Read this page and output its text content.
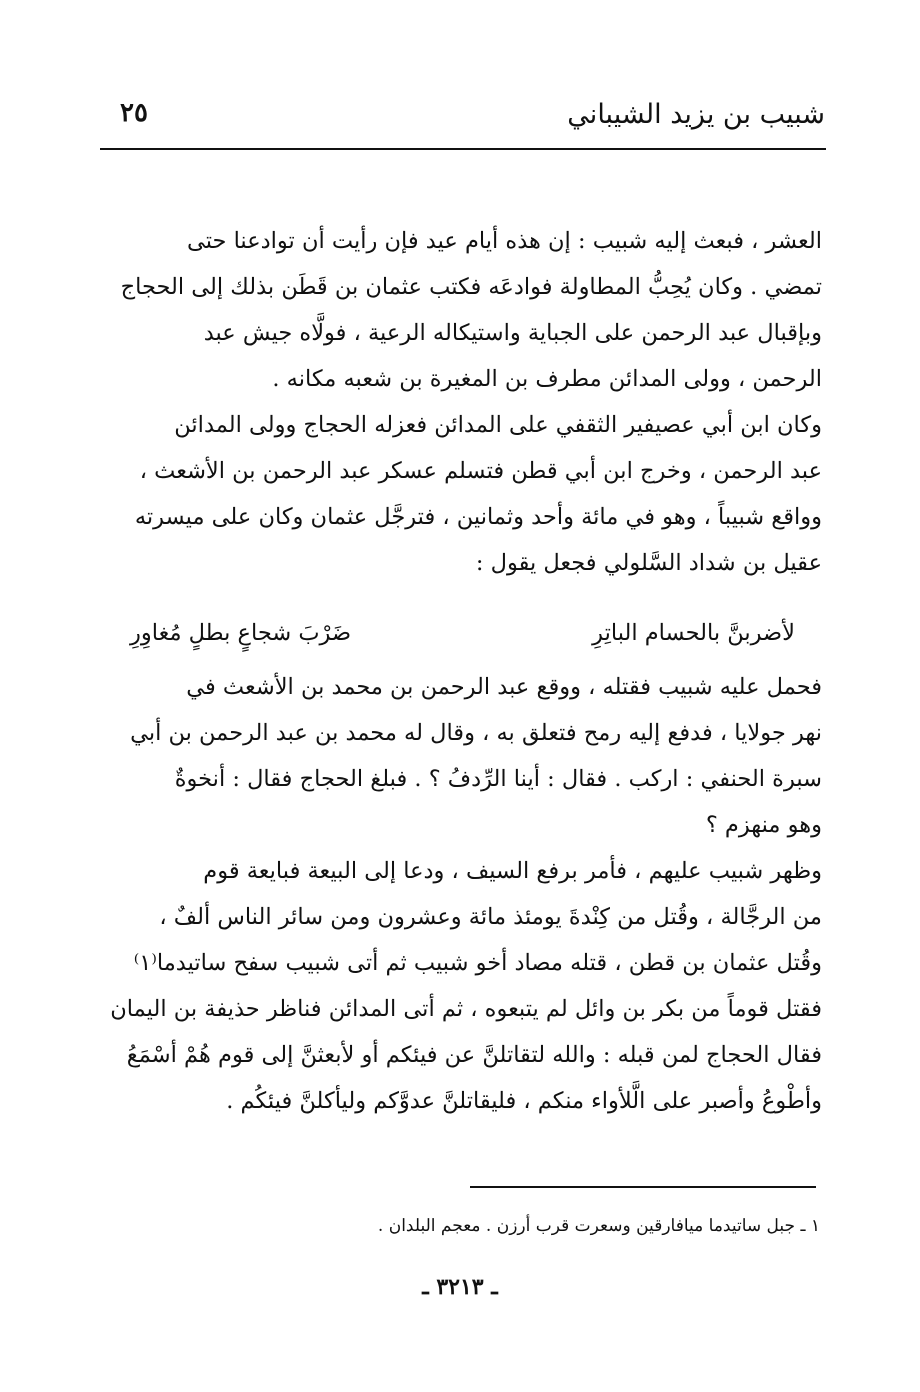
٢٥	شبيب بن يزيد الشيباني
العشر ، فبعث إليه شبيب : إن هذه أيام عيد فإن رأيت أن توادعنا حتى
تمضي . وكان يُحِبُّ المطاولة فوادعَه فكتب عثمان بن قَطَن بذلك إلى الحجاج
وبإقبال عبد الرحمن على الجباية واستيكاله الرعية ، فولَّاه جيش عبد
الرحمن ، وولى المدائن مطرف بن المغيرة بن شعبه مكانه .
وكان ابن أبي عصيفير الثقفي على المدائن فعزله الحجاج وولى المدائن
عبد الرحمن ، وخرج ابن أبي قطن فتسلم عسكر عبد الرحمن بن الأشعث ،
وواقع شبيباً ، وهو في مائة وأحد وثمانين ، فترجَّل عثمان وكان على ميسرته
عقيل بن شداد السَّلولي فجعل يقول :
لأضربنَّ بالحسام الباتِرِ
ضَرْبَ شجاعٍ بطلٍ مُغاوِرِ
فحمل عليه شبيب فقتله ، ووقع عبد الرحمن بن محمد بن الأشعث في
نهر جولايا ، فدفع إليه رمح فتعلق به ، وقال له محمد بن عبد الرحمن بن أبي
سبرة الحنفي : اركب . فقال : أينا الرِّدفُ ؟ . فبلغ الحجاج فقال : أنخوةٌ
وهو منهزم ؟
وظهر شبيب عليهم ، فأمر برفع السيف ، ودعا إلى البيعة فبايعة قوم
من الرجَّالة ، وقُتل من كِنْدةَ يومئذ مائة وعشرون ومن سائر الناس ألفٌ ،
وقُتل عثمان بن قطن ، قتله مصاد أخو شبيب ثم أتى شبيب سفح ساتيدما⁽١⁾
فقتل قوماً من بكر بن وائل لم يتبعوه ، ثم أتى المدائن فناظر حذيفة بن اليمان
فقال الحجاج لمن قبله : والله لتقاتلنَّ عن فيئكم أو لأبعثنَّ إلى قوم هُمْ أسْمَعُ
وأطْوعُ وأصبر على الَّلأواء منكم ، فليقاتلنَّ عدوَّكم وليأكلنَّ فيئكُم .
١ ـ جبل ساتيدما ميافارقين وسعرت قرب أرزن . معجم البلدان .
ـ ٣٢١٣ ـ
